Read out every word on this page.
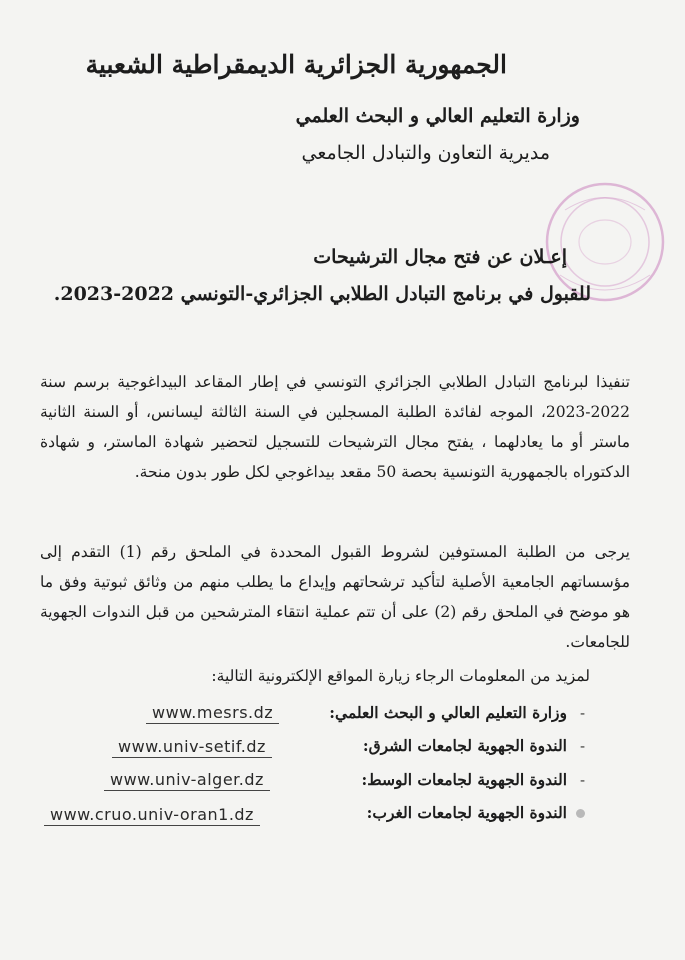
الجمهورية الجزائرية الديمقراطية الشعبية
وزارة التعليم العالي و البحث العلمي
مديرية التعاون والتبادل الجامعي
إعـلان عن فتح مجال الترشيحات
للقبول في برنامج التبادل الطلابي الجزائري-التونسي 2022-2023.
تنفيذا لبرنامج التبادل الطلابي الجزائري التونسي في إطار المقاعد البيداغوجية برسم سنة 2022-2023، الموجه لفائدة الطلبة المسجلين في السنة الثالثة ليسانس، أو السنة الثانية ماستر أو ما يعادلهما ، يفتح مجال الترشيحات للتسجيل لتحضير شهادة الماستر، و شهادة الدكتوراه بالجمهورية التونسية بحصة 50 مقعد بيداغوجي لكل طور بدون منحة.
يرجى من الطلبة المستوفين لشروط القبول المحددة في الملحق رقم (1) التقدم إلى مؤسساتهم الجامعية الأصلية لتأكيد ترشحاتهم وإيداع ما يطلب منهم من وثائق ثبوتية وفق ما هو موضح في الملحق رقم (2) على أن تتم عملية انتقاء المترشحين من قبل الندوات الجهوية للجامعات.
لمزيد من المعلومات الرجاء زيارة المواقع الإلكترونية التالية:
-
وزارة التعليم العالي و البحث العلمي:
www.mesrs.dz
-
الندوة الجهوية لجامعات الشرق:
www.univ-setif.dz
-
الندوة الجهوية لجامعات الوسط:
www.univ-alger.dz
الندوة الجهوية لجامعات الغرب:
www.cruo.univ-oran1.dz
